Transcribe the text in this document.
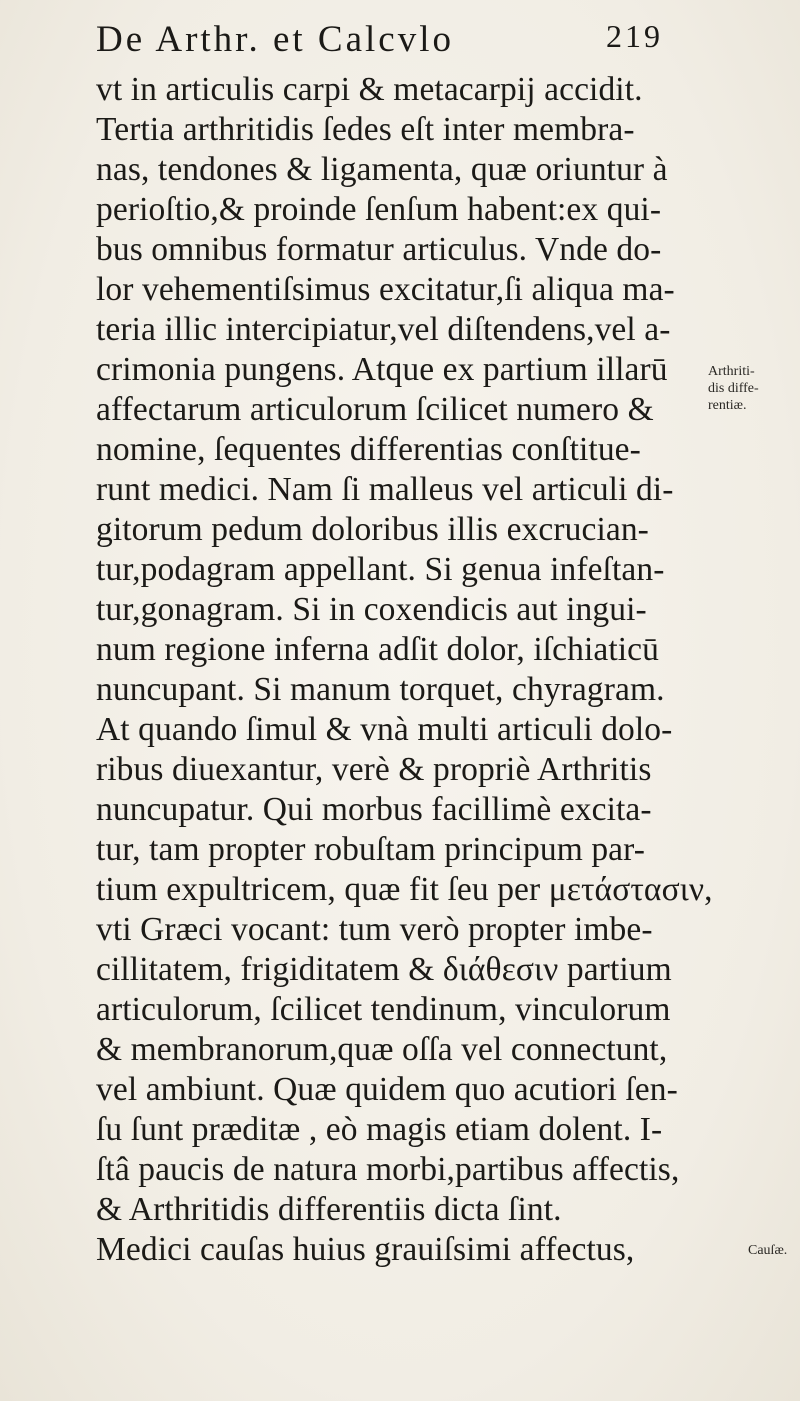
De Arthr. et Calcvlo	219
vt in articulis carpi & metacarpij accidit.
Tertia arthritidis ſedes eſt inter membra-
nas, tendones & ligamenta, quæ oriuntur à
perioſtio,& proinde ſenſum habent:ex qui-
bus omnibus formatur articulus. Vnde do-
lor vehementiſsimus excitatur,ſi aliqua ma-
teria illic intercipiatur,vel diſtendens,vel a-
crimonia pungens. Atque ex partium illarū
affectarum articulorum ſcilicet numero &
nomine, ſequentes differentias conſtitue-
runt medici. Nam ſi malleus vel articuli di-
gitorum pedum doloribus illis excrucian-
tur,podagram appellant. Si genua infeſtan-
tur,gonagram. Si in coxendicis aut ingui-
num regione inferna adſit dolor, iſchiaticū
nuncupant. Si manum torquet, chyragram.
At quando ſimul & vnà multi articuli dolo-
ribus diuexantur, verè & propriè Arthritis
nuncupatur. Qui morbus facillimè excita-
tur, tam propter robuſtam principum par-
tium expultricem, quæ fit ſeu per μετάστασιν,
vti Græci vocant: tum verò propter imbe-
cillitatem, frigiditatem & διάθεσιν partium
articulorum, ſcilicet tendinum, vinculorum
& membranorum,quæ oſſa vel connectunt,
vel ambiunt. Quæ quidem quo acutiori ſen-
ſu ſunt præditæ , eò magis etiam dolent. I-
ſtâ paucis de natura morbi,partibus affectis,
& Arthritidis differentiis dicta ſint.
Medici cauſas huius grauiſsimi affectus,
Arthriti-
dis diffe-
rentiæ.
Cauſæ.
